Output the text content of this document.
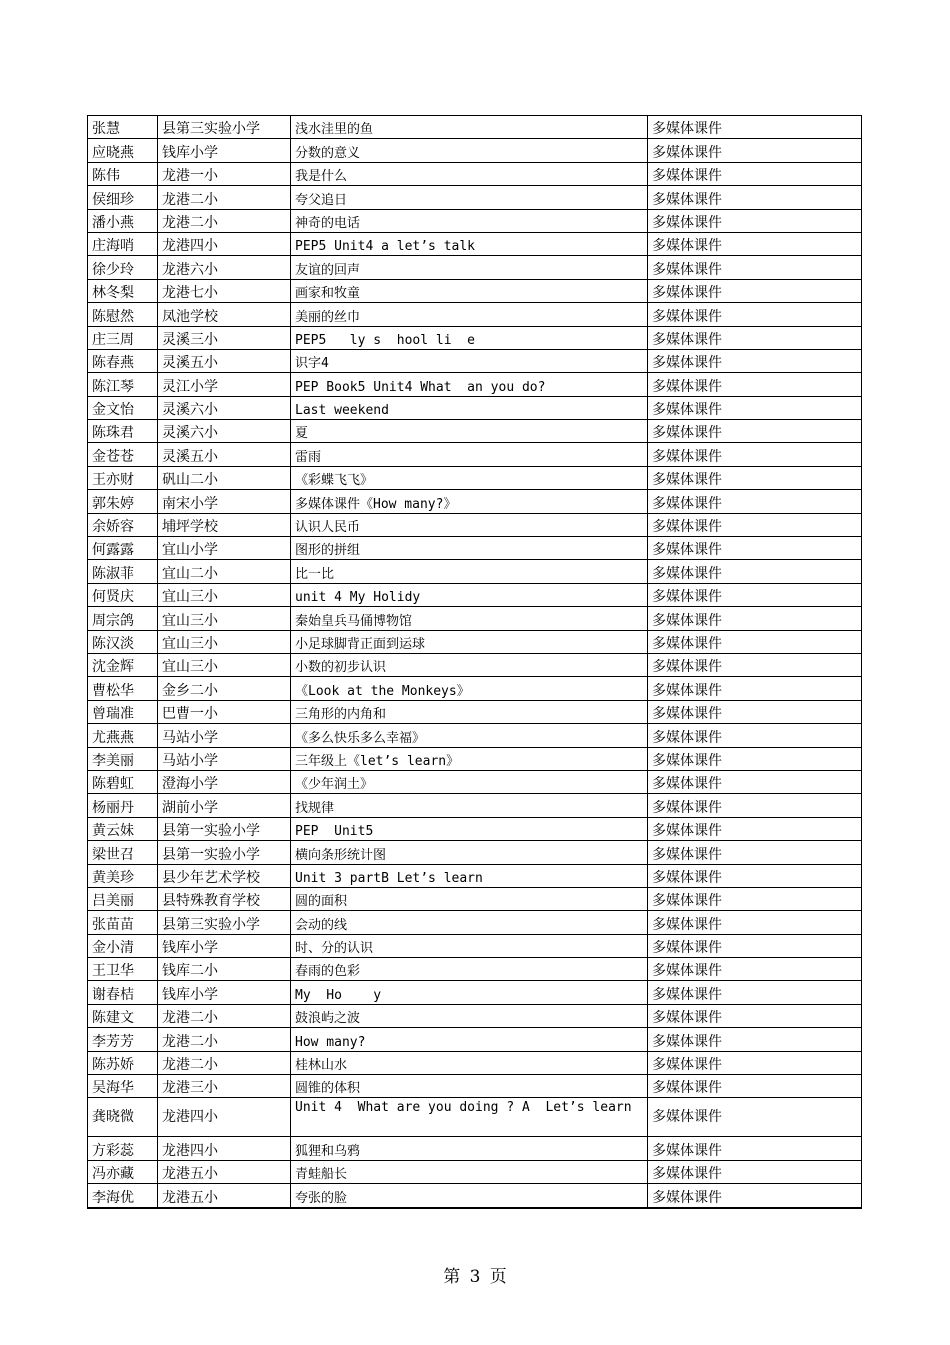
张慧	县第三实验小学	浅水洼里的鱼	多媒体课件
应晓燕	钱库小学	分数的意义	多媒体课件
陈伟	龙港一小	我是什么	多媒体课件
侯细珍	龙港二小	夸父追日	多媒体课件
潘小燕	龙港二小	神奇的电话	多媒体课件
庄海哨	龙港四小	PEP5 Unit4 a let’s talk	多媒体课件
徐少玲	龙港六小	友谊的回声	多媒体课件
林冬梨	龙港七小	画家和牧童	多媒体课件
陈慰然	凤池学校	美丽的丝巾	多媒体课件
庄三周	灵溪三小	PEP5   ly s  hool li  e	多媒体课件
陈春燕	灵溪五小	识字4	多媒体课件
陈江琴	灵江小学	PEP Book5 Unit4 What  an you do?	多媒体课件
金文怡	灵溪六小	Last weekend	多媒体课件
陈珠君	灵溪六小	夏	多媒体课件
金苍苍	灵溪五小	雷雨	多媒体课件
王亦财	矾山二小	《彩蝶飞飞》	多媒体课件
郭朱婷	南宋小学	多媒体课件《How many?》	多媒体课件
余娇容	埔坪学校	认识人民币	多媒体课件
何露露	宜山小学	图形的拼组	多媒体课件
陈淑菲	宜山二小	比一比	多媒体课件
何贤庆	宜山三小	unit 4 My Holidy	多媒体课件
周宗鸽	宜山三小	秦始皇兵马俑博物馆	多媒体课件
陈汉淡	宜山三小	小足球脚背正面到运球	多媒体课件
沈金辉	宜山三小	小数的初步认识	多媒体课件
曹松华	金乡二小	《Look at the Monkeys》	多媒体课件
曾瑞准	巴曹一小	三角形的内角和	多媒体课件
尤燕燕	马站小学	《多么快乐多么幸福》	多媒体课件
李美丽	马站小学	三年级上《let’s learn》	多媒体课件
陈碧虹	澄海小学	《少年润土》	多媒体课件
杨丽丹	湖前小学	找规律	多媒体课件
黄云妹	县第一实验小学	PEP  Unit5	多媒体课件
梁世召	县第一实验小学	横向条形统计图	多媒体课件
黄美珍	县少年艺术学校	Unit 3 partB Let’s learn	多媒体课件
吕美丽	县特殊教育学校	圆的面积	多媒体课件
张苗苗	县第三实验小学	会动的线	多媒体课件
金小清	钱库小学	时、分的认识	多媒体课件
王卫华	钱库二小	春雨的色彩	多媒体课件
谢春桔	钱库小学	My  Ho    y	多媒体课件
陈建文	龙港二小	鼓浪屿之波	多媒体课件
李芳芳	龙港二小	How many?	多媒体课件
陈苏娇	龙港二小	桂林山水	多媒体课件
吴海华	龙港三小	圆锥的体积	多媒体课件
龚晓微	龙港四小	Unit 4  What are you doing ? A  Let’s learn	多媒体课件
方彩蕊	龙港四小	狐狸和乌鸦	多媒体课件
冯亦藏	龙港五小	青蛙船长	多媒体课件
李海优	龙港五小	夸张的脸	多媒体课件
第 3 页
